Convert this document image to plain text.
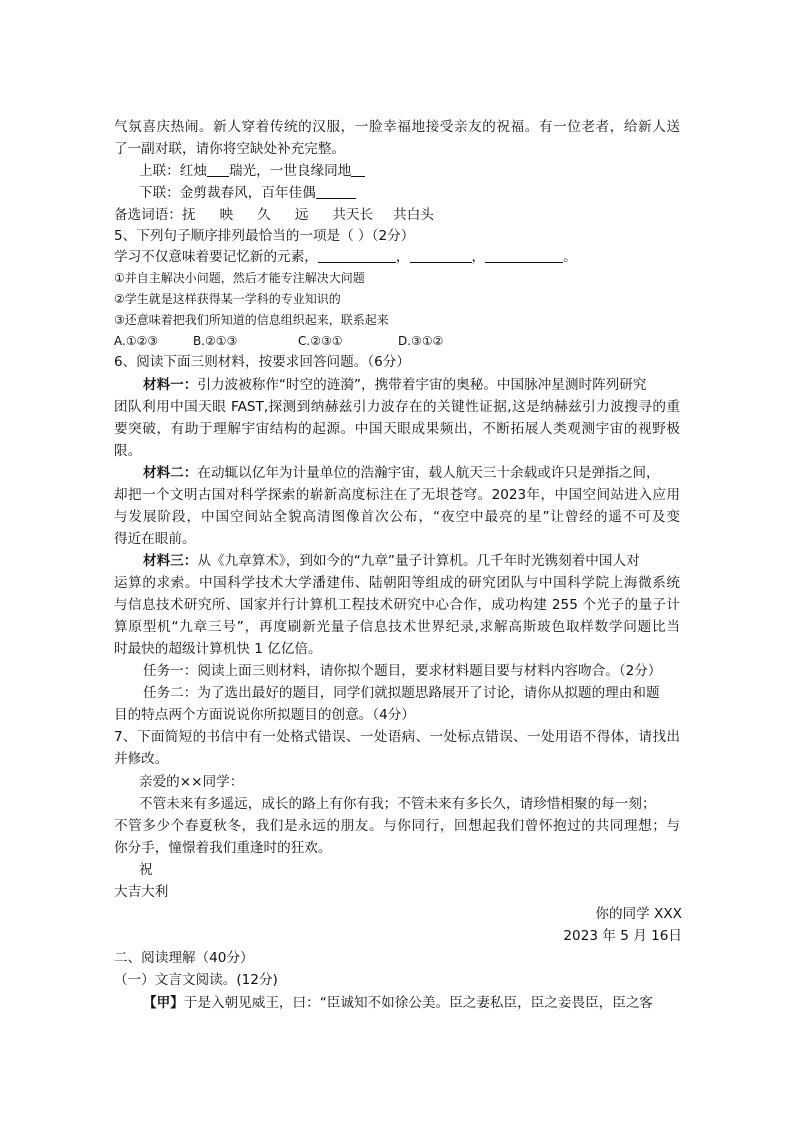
气氛喜庆热闹。新人穿着传统的汉服，一脸幸福地接受亲友的祝福。有一位老者，给新人送
了一副对联，请你将空缺处补充完整。
上联：红烛 瑞光，一世良缘同地
下联：金剪裁春风，百年佳偶
备选词语：抚 映 久 远 共天长 共白头
5、下列句子顺序排列最恰当的一项是（ ）（2分）
学习不仅意味着要记忆新的元素，	，	，	。
①并自主解决小问题，然后才能专注解决大问题
②学生就是这样获得某一学科的专业知识的
③还意味着把我们所知道的信息组织起来，联系起来
A.①②③	B.②①③	C.②③①	D.③①②
6、阅读下面三则材料，按要求回答问题。（6分）
材料一：引力波被称作“时空的涟漪”，携带着宇宙的奥秘。中国脉冲星测时阵列研究
团队利用中国天眼 FAST,探测到纳赫兹引力波存在的关键性证据,这是纳赫兹引力波搜寻的重
要突破，有助于理解宇宙结构的起源。中国天眼成果频出，不断拓展人类观测宇宙的视野极
限。
材料二：在动辄以亿年为计量单位的浩瀚宇宙，载人航天三十余载或许只是弹指之间，
却把一个文明古国对科学探索的崭新高度标注在了无垠苍穹。2023年，中国空间站进入应用
与发展阶段，中国空间站全貌高清图像首次公布，“夜空中最亮的星”让曾经的遥不可及变
得近在眼前。
材料三：从《九章算术》，到如今的“九章”量子计算机。几千年时光镌刻着中国人对
运算的求索。中国科学技术大学潘建伟、陆朝阳等组成的研究团队与中国科学院上海微系统
与信息技术研究所、国家并行计算机工程技术研究中心合作，成功构建 255 个光子的量子计
算原型机“九章三号”，再度刷新光量子信息技术世界纪录,求解高斯玻色取样数学问题比当
时最快的超级计算机快 1 亿亿倍。
任务一：阅读上面三则材料，请你拟个题目，要求材料题目要与材料内容吻合。（2分）
任务二：为了选出最好的题目，同学们就拟题思路展开了讨论，请你从拟题的理由和题
目的特点两个方面说说你所拟题目的创意。（4分）
7、下面简短的书信中有一处格式错误、一处语病、一处标点错误、一处用语不得体，请找出
并修改。
亲爱的××同学：
不管未来有多遥远，成长的路上有你有我；不管未来有多长久，请珍惜相聚的每一刻；
不管多少个春夏秋冬，我们是永远的朋友。与你同行，回想起我们曾怀抱过的共同理想；与
你分手，憧憬着我们重逢时的狂欢。
祝
大吉大利
你的同学 XXX
2023 年 5 月 16日
二、阅读理解（40分）
（一）文言文阅读。(12分)
【甲】于是入朝见威王，曰：“臣诚知不如徐公美。臣之妻私臣，臣之妾畏臣，臣之客
